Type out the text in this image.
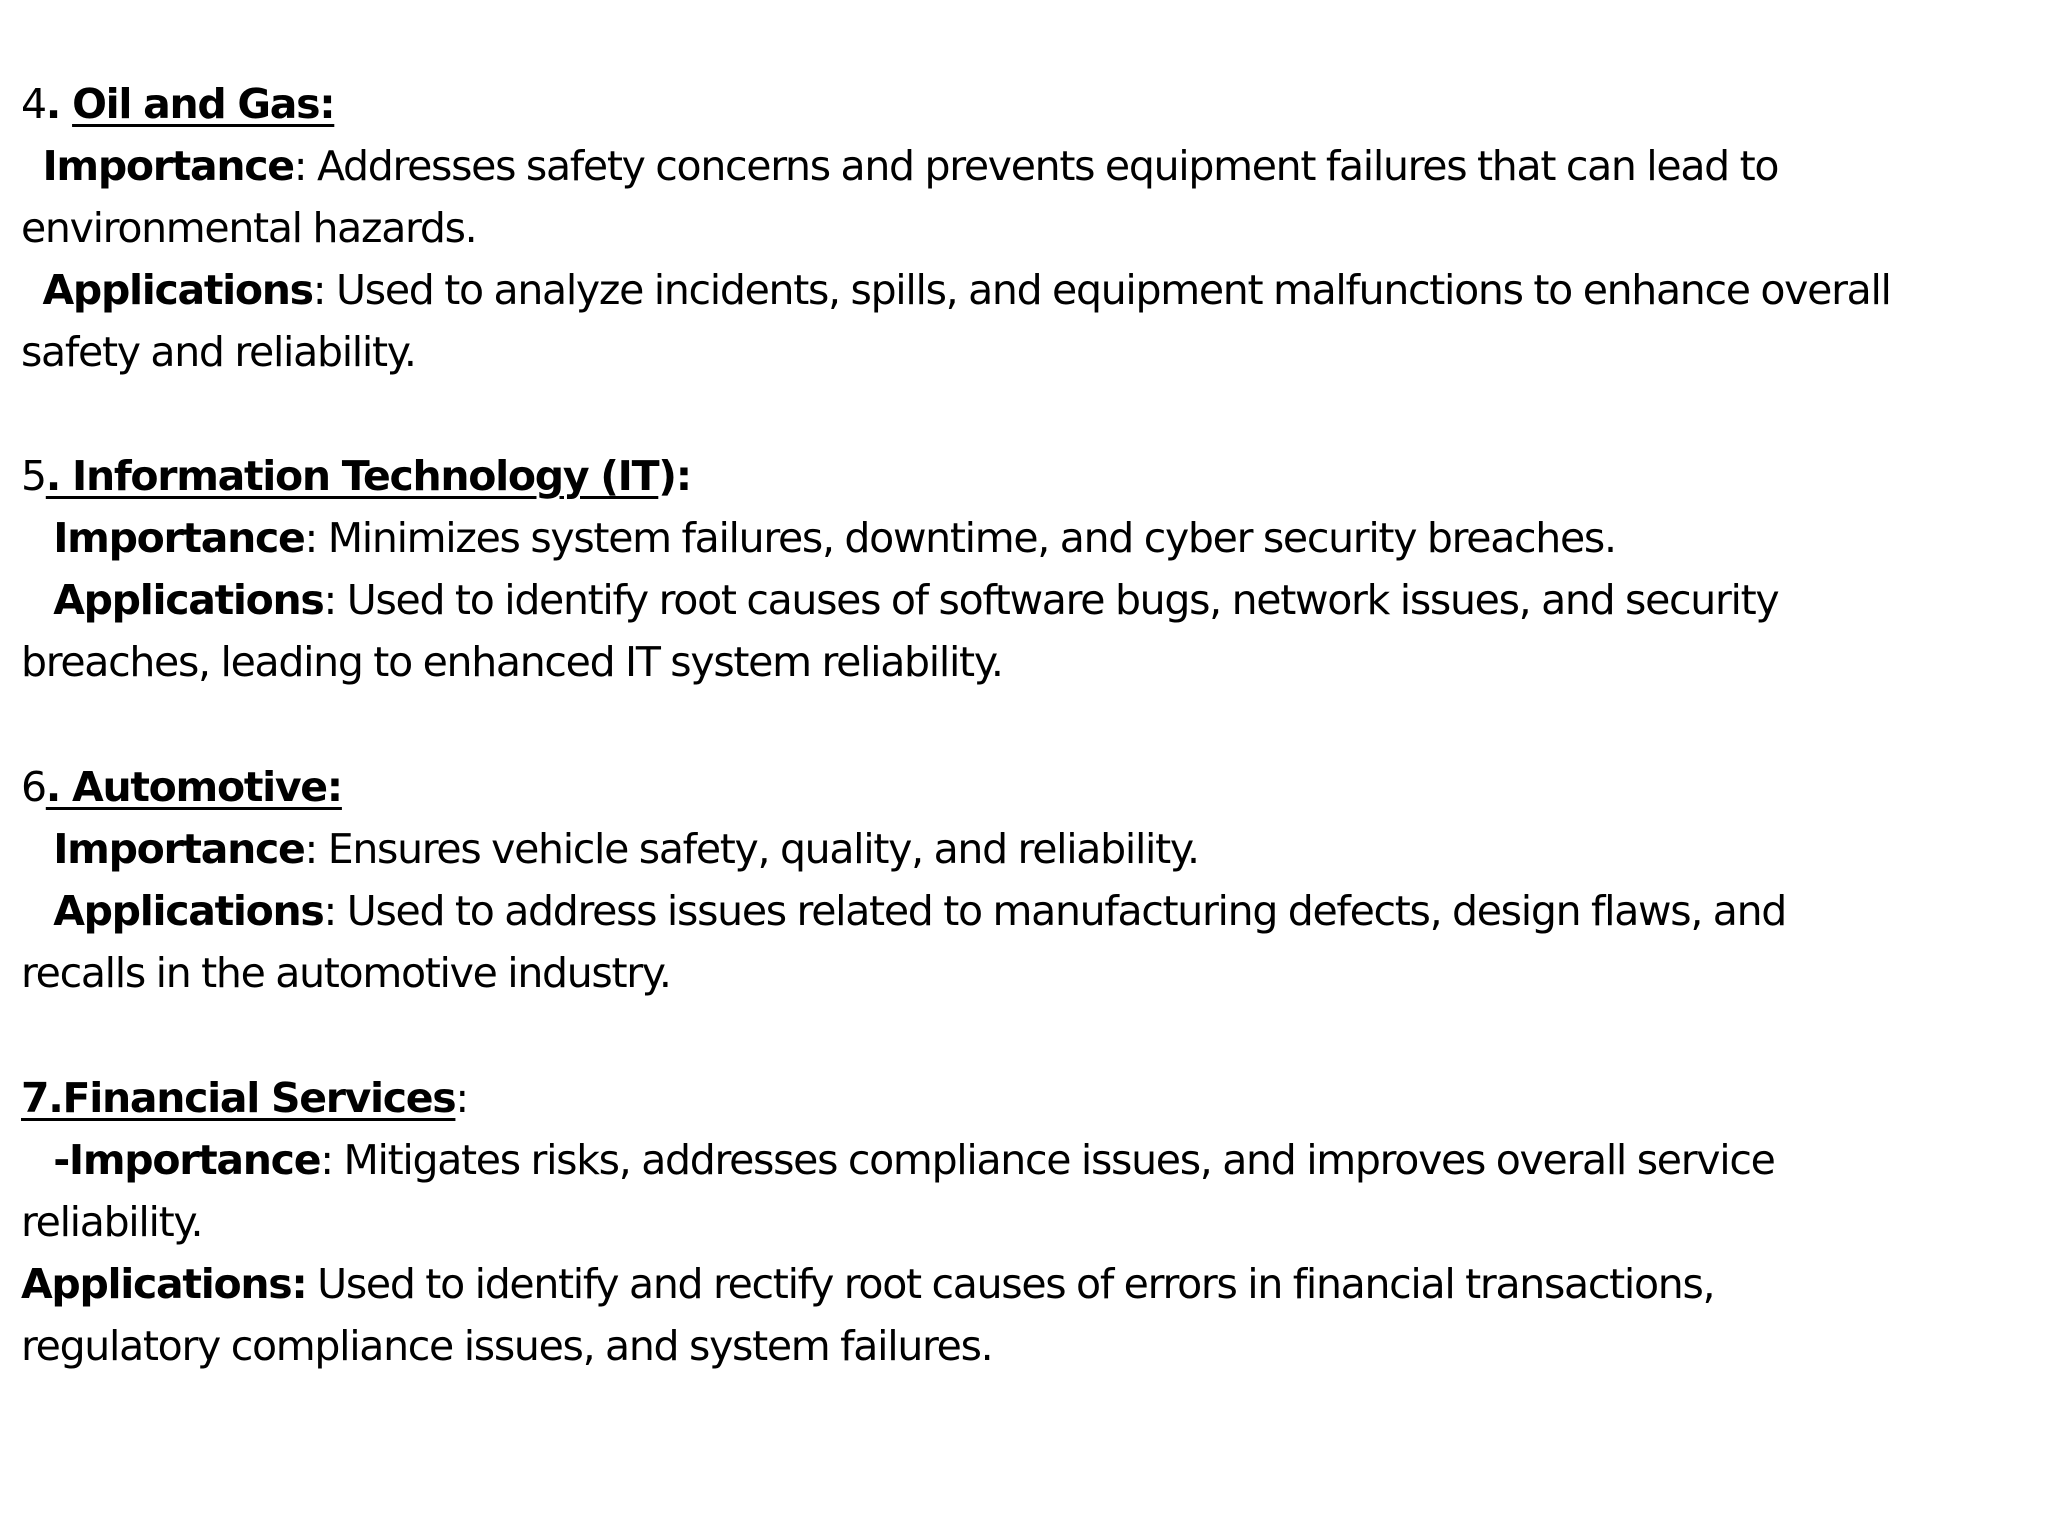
4. Oil and Gas:
Importance: Addresses safety concerns and prevents equipment failures that can lead to
environmental hazards.
Applications: Used to analyze incidents, spills, and equipment malfunctions to enhance overall
safety and reliability.
5. Information Technology (IT):
Importance: Minimizes system failures, downtime, and cyber security breaches.
Applications: Used to identify root causes of software bugs, network issues, and security
breaches, leading to enhanced IT system reliability.
6. Automotive:
Importance: Ensures vehicle safety, quality, and reliability.
Applications: Used to address issues related to manufacturing defects, design flaws, and
recalls in the automotive industry.
7.Financial Services:
-Importance: Mitigates risks, addresses compliance issues, and improves overall service
reliability.
Applications: Used to identify and rectify root causes of errors in financial transactions,
regulatory compliance issues, and system failures.
